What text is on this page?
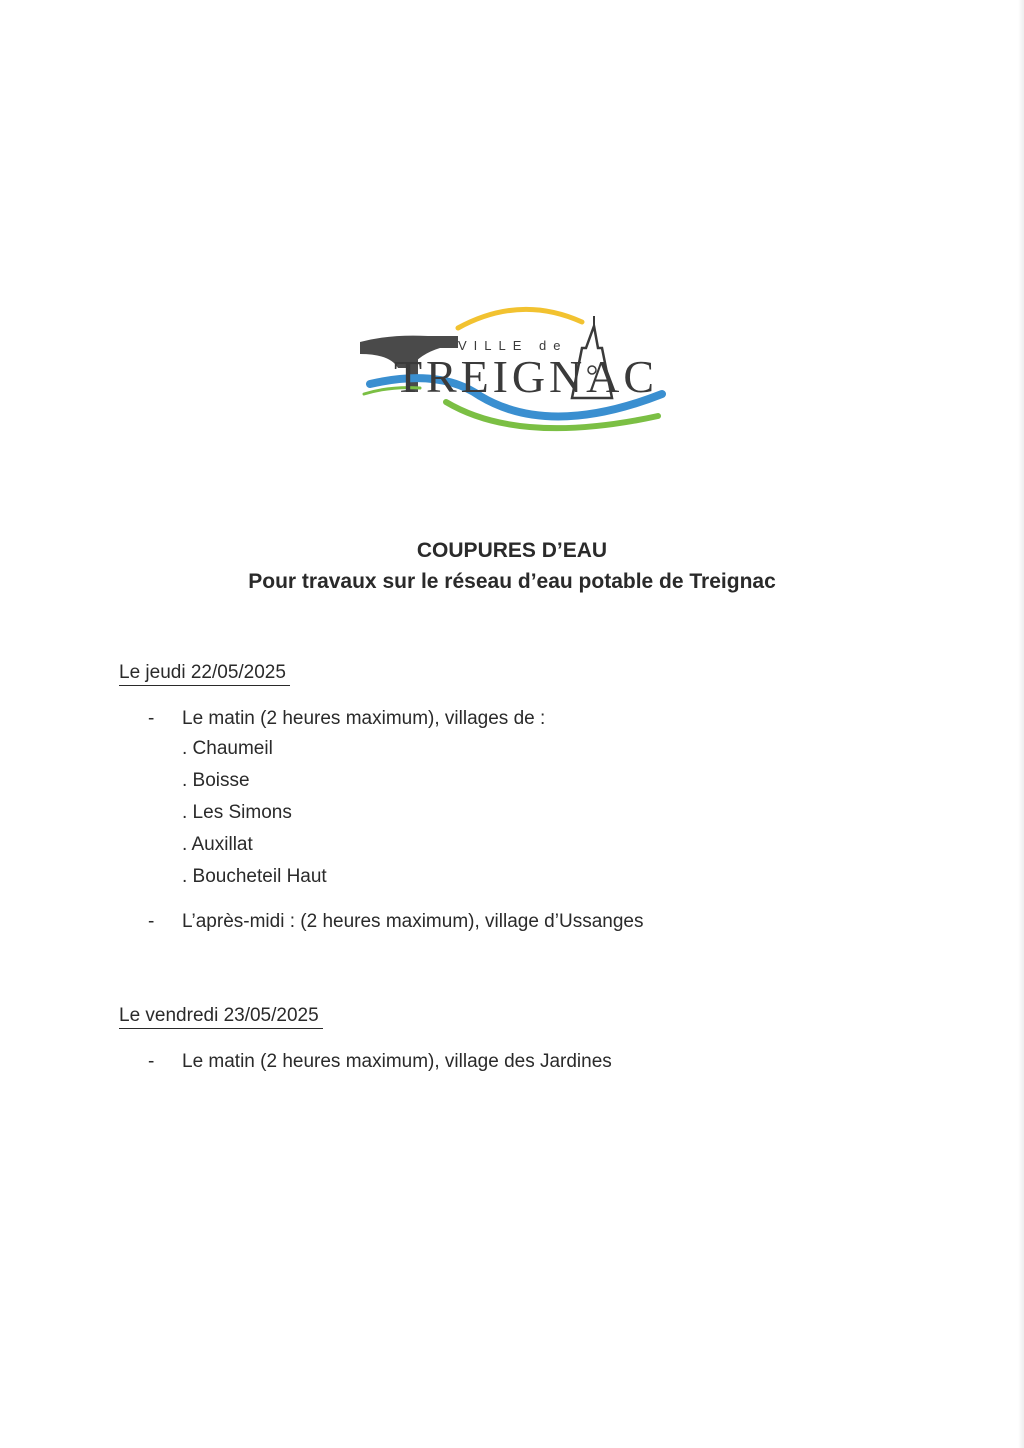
VILLE de
TREIGNAC
COUPURES D’EAU
Pour travaux sur le réseau d’eau potable de Treignac
Le jeudi 22/05/2025
-	Le matin (2 heures maximum), villages de :
. Chaumeil
. Boisse
. Les Simons
. Auxillat
. Boucheteil Haut
-	L’après-midi : (2 heures maximum), village d’Ussanges
Le vendredi 23/05/2025
-	Le matin (2 heures maximum), village des Jardines
